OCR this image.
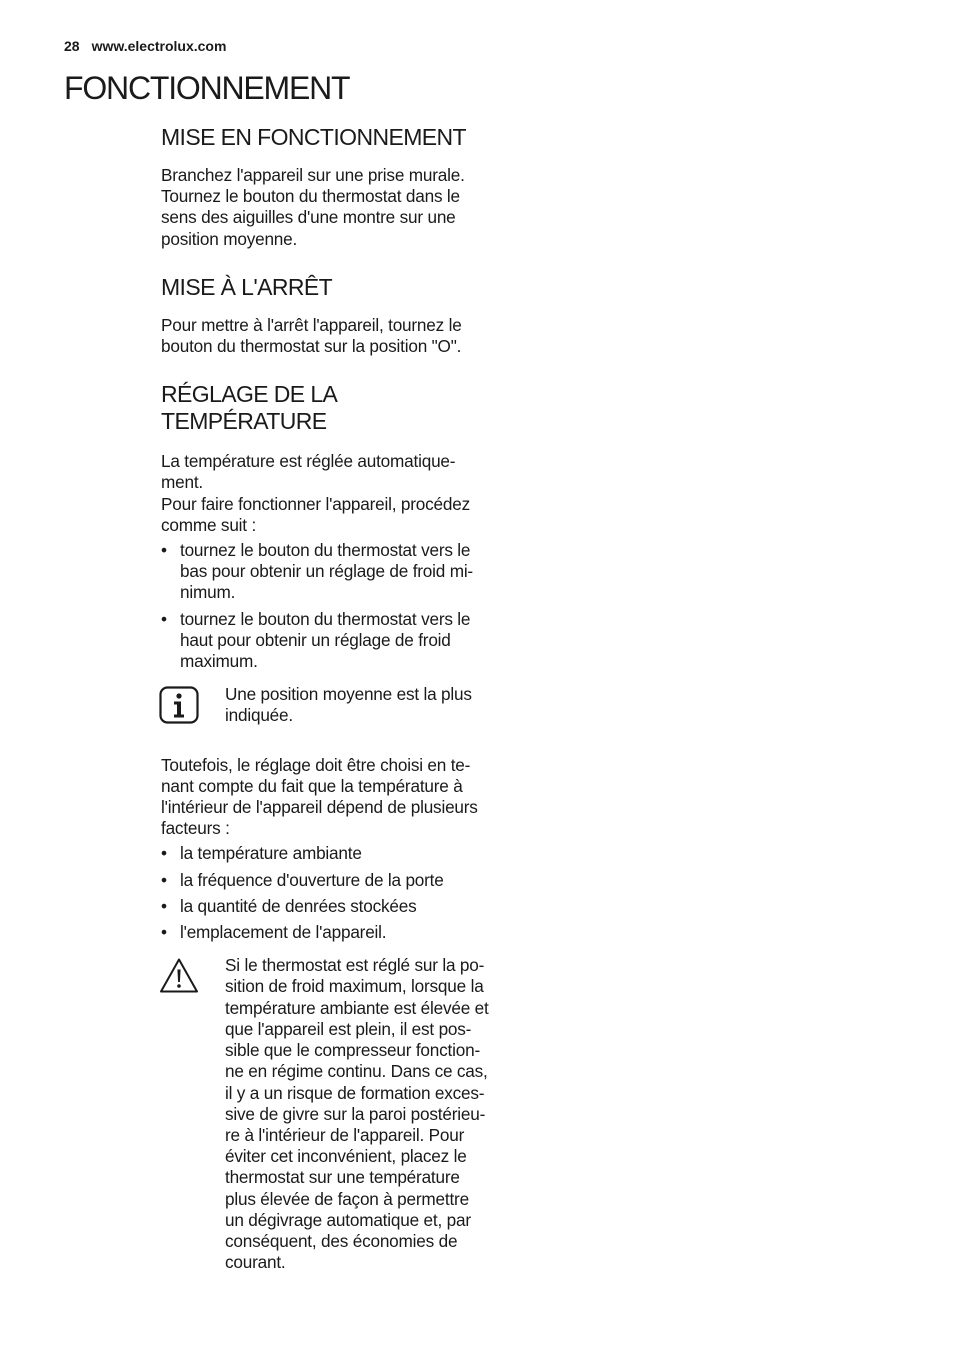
28 www.electrolux.com
FONCTIONNEMENT
MISE EN FONCTIONNEMENT
Branchez l'appareil sur une prise murale.
Tournez le bouton du thermostat dans le
sens des aiguilles d'une montre sur une
position moyenne.
MISE À L'ARRÊT
Pour mettre à l'arrêt l'appareil, tournez le
bouton du thermostat sur la position "O".
RÉGLAGE DE LA
TEMPÉRATURE
La température est réglée automatique-
ment.
Pour faire fonctionner l'appareil, procédez
comme suit :
• tournez le bouton du thermostat vers le
bas pour obtenir un réglage de froid mi-
nimum.
• tournez le bouton du thermostat vers le
haut pour obtenir un réglage de froid
maximum.
Une position moyenne est la plus
indiquée.
Toutefois, le réglage doit être choisi en te-
nant compte du fait que la température à
l'intérieur de l'appareil dépend de plusieurs
facteurs :
• la température ambiante
• la fréquence d'ouverture de la porte
• la quantité de denrées stockées
• l'emplacement de l'appareil.
Si le thermostat est réglé sur la po-
sition de froid maximum, lorsque la
température ambiante est élevée et
que l'appareil est plein, il est pos-
sible que le compresseur fonction-
ne en régime continu. Dans ce cas,
il y a un risque de formation exces-
sive de givre sur la paroi postérieu-
re à l'intérieur de l'appareil. Pour
éviter cet inconvénient, placez le
thermostat sur une température
plus élevée de façon à permettre
un dégivrage automatique et, par
conséquent, des économies de
courant.
